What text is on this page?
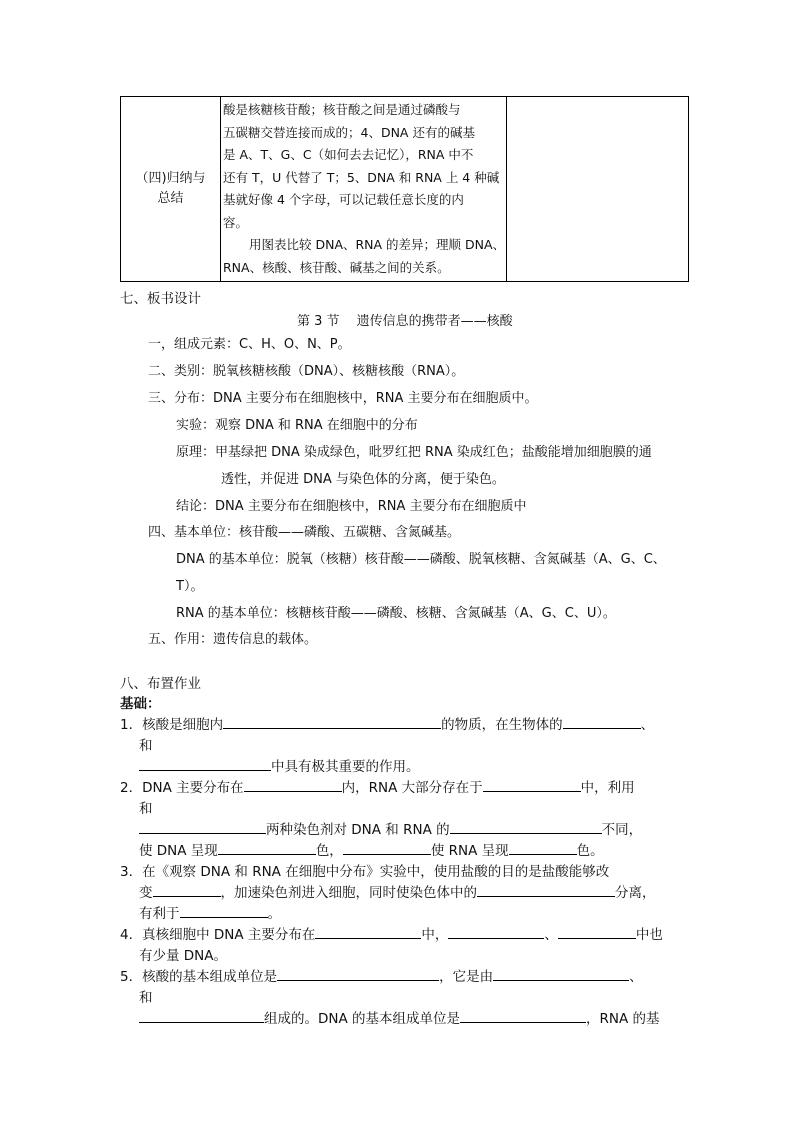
（四)归纳与
总结

酸是核糖核苷酸；核苷酸之间是通过磷酸与
五碳糖交替连接而成的；4、DNA 还有的碱基
是 A、T、G、C（如何去去记忆），RNA 中不
还有 T，U 代替了 T；5、DNA 和 RNA 上 4 种碱
基就好像 4 个字母，可以记载任意长度的内
容。
用图表比较 DNA、RNA 的差异；理顺 DNA、
RNA、核酸、核苷酸、碱基之间的关系。

七、板书设计
第 3 节　 遗传信息的携带者——核酸
一，组成元素：C、H、O、N、P。
二、类别：脱氧核糖核酸（DNA）、核糖核酸（RNA）。
三、分布：DNA 主要分布在细胞核中，RNA 主要分布在细胞质中。
实验：观察 DNA 和 RNA 在细胞中的分布
原理：甲基绿把 DNA 染成绿色，吡罗红把 RNA 染成红色；盐酸能增加细胞膜的通
透性，并促进 DNA 与染色体的分离，便于染色。
结论：DNA 主要分布在细胞核中，RNA 主要分布在细胞质中
四、基本单位：核苷酸——磷酸、五碳糖、含氮碱基。
DNA 的基本单位：脱氧（核糖）核苷酸——磷酸、脱氧核糖、含氮碱基（A、G、C、
T）。
RNA 的基本单位：核糖核苷酸——磷酸、核糖、含氮碱基（A、G、C、U）。
五、作用：遗传信息的载体。
八、布置作业
基础：
1．核酸是细胞内	的物质，在生物体的	、
和
中具有极其重要的作用。
2．DNA 主要分布在	内，RNA 大部分存在于	中，利用
和
两种染色剂对 DNA 和 RNA 的	不同，
使 DNA 呈现	色，	使 RNA 呈现	色。
3．在《观察 DNA 和 RNA 在细胞中分布》实验中，使用盐酸的目的是盐酸能够改
变	，加速染色剂进入细胞，同时使染色体中的	分离，
有利于	。
4．真核细胞中 DNA 主要分布在	中，	、	中也
有少量 DNA。
5．核酸的基本组成单位是	，它是由	、
和
组成的。DNA 的基本组成单位是	，RNA 的基
